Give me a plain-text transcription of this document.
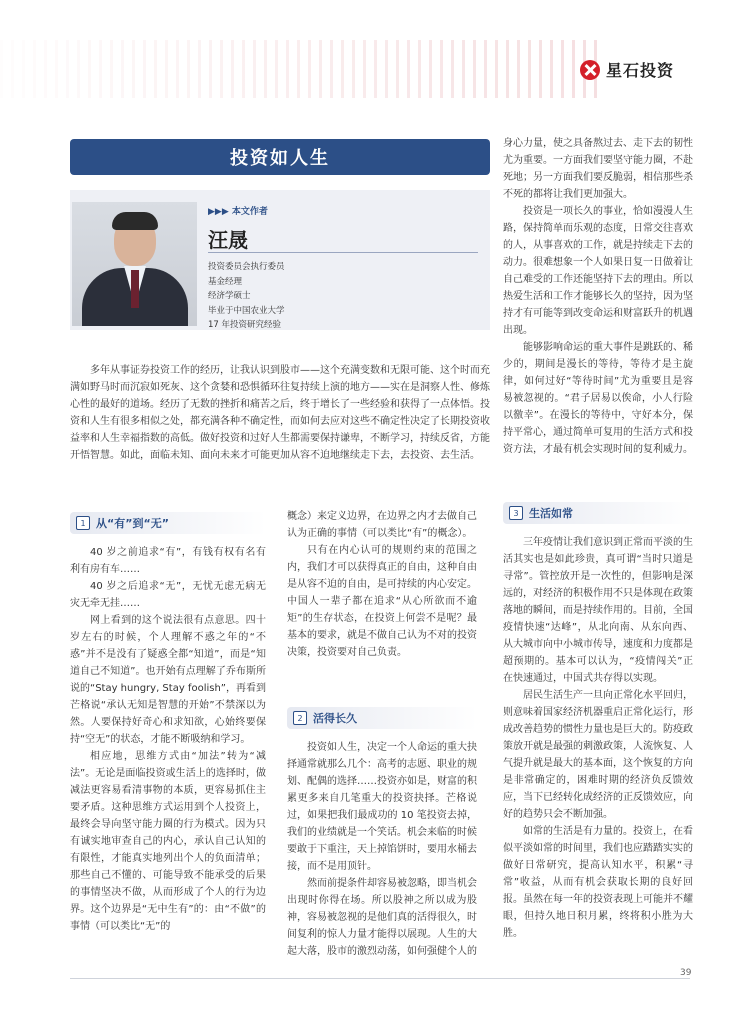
星石投资
投资如人生
▶▶▶ 本文作者
汪晟
投资委员会执行委员
基金经理
经济学硕士
毕业于中国农业大学
17 年投资研究经验

多年从事证券投资工作的经历，让我认识到股市——这个充满变数和无限可能、这个时而充满如野马时而沉寂如死灰、这个贪婪和恐惧循环往复持续上演的地方——实在是洞察人性、修炼心性的最好的道场。经历了无数的挫折和痛苦之后，终于增长了一些经验和获得了一点体悟。投资和人生有很多相似之处，都充满各种不确定性，而如何去应对这些不确定性决定了长期投资收益率和人生幸福指数的高低。做好投资和过好人生都需要保持谦卑，不断学习，持续反省，方能开悟智慧。如此，面临未知、面向未来才可能更加从容不迫地继续走下去，去投资、去生活。

1 从“有”到“无”

40 岁之前追求“有”，有钱有权有名有利有房有车……

40 岁之后追求“无”，无忧无虑无病无灾无牵无挂……

网上看到的这个说法很有点意思。四十岁左右的时候，个人理解不惑之年的“不惑”并不是没有了疑惑全都“知道”，而是“知道自己不知道”。也开始有点理解了乔布斯所说的“Stay hungry, Stay foolish”，再看到芒格说“承认无知是智慧的开始”不禁深以为然。人要保持好奇心和求知欲，心始终要保持“空无”的状态，才能不断吸纳和学习。

相应地，思维方式由“加法”转为“减法”。无论是面临投资或生活上的选择时，做减法更容易看清事物的本质，更容易抓住主要矛盾。这种思维方式运用到个人投资上，最终会导向坚守能力圈的行为模式。因为只有诚实地审查自己的内心，承认自己认知的有限性，才能真实地列出个人的负面清单；那些自己不懂的、可能导致不能承受的后果的事情坚决不做，从而形成了个人的行为边界。这个边界是“无中生有”的：由“不做”的事情（可以类比“无”的

概念）来定义边界，在边界之内才去做自己认为正确的事情（可以类比“有”的概念）。

只有在内心认可的规则约束的范围之内，我们才可以获得真正的自由，这种自由是从容不迫的自由，是可持续的内心安定。中国人一辈子都在追求“从心所欲而不逾矩”的生存状态，在投资上何尝不是呢？最基本的要求，就是不做自己认为不对的投资决策，投资要对自己负责。

2 活得长久

投资如人生，决定一个人命运的重大抉择通常就那么几个：高考的志愿、职业的规划、配偶的选择……投资亦如是，财富的积累更多来自几笔重大的投资抉择。芒格说过，如果把我们最成功的 10 笔投资去掉，我们的业绩就是一个笑话。机会来临的时候要敢于下重注，天上掉馅饼时，要用水桶去接，而不是用顶针。

然而前提条件却容易被忽略，即当机会出现时你得在场。所以股神之所以成为股神，容易被忽视的是他们真的活得很久，时间复利的惊人力量才能得以展现。人生的大起大落，股市的激烈动荡，如何强健个人的

身心力量，使之具备熬过去、走下去的韧性尤为重要。一方面我们要坚守能力圈，不赴死地；另一方面我们要反脆弱，相信那些杀不死的都将让我们更加强大。

投资是一项长久的事业，恰如漫漫人生路，保持简单而乐观的态度，日常交往喜欢的人，从事喜欢的工作，就是持续走下去的动力。很难想象一个人如果日复一日做着让自己难受的工作还能坚持下去的理由。所以热爱生活和工作才能够长久的坚持，因为坚持才有可能等到改变命运和财富跃升的机遇出现。

能够影响命运的重大事件是跳跃的、稀少的，期间是漫长的等待，等待才是主旋律，如何过好“等待时间”尤为重要且是容易被忽视的。“君子居易以俟命，小人行险以徼幸”。在漫长的等待中，守好本分，保持平常心，通过简单可复用的生活方式和投资方法，才最有机会实现时间的复利威力。

3 生活如常

三年疫情让我们意识到正常而平淡的生活其实也是如此珍贵，真可谓“当时只道是寻常”。管控放开是一次性的，但影响是深远的，对经济的积极作用不只是体现在政策落地的瞬间，而是持续作用的。目前，全国疫情快速“达峰”，从北向南、从东向西、从大城市向中小城市传导，速度和力度都是超预期的。基本可以认为，“疫情闯关”正在快速通过，中国式共存得以实现。

居民生活生产一旦向正常化水平回归，则意味着国家经济机器重启正常化运行，形成改善趋势的惯性力量也是巨大的。防疫政策放开就是最强的刺激政策，人流恢复、人气提升就是最大的基本面，这个恢复的方向是非常确定的，困难时期的经济负反馈效应，当下已经转化成经济的正反馈效应，向好的趋势只会不断加强。

如常的生活是有力量的。投资上，在看似平淡如常的时间里，我们也应踏踏实实的做好日常研究，提高认知水平，积累“寻常”收益，从而有机会获取长期的良好回报。虽然在每一年的投资表现上可能并不耀眼，但持久地日积月累，终将积小胜为大胜。

39
